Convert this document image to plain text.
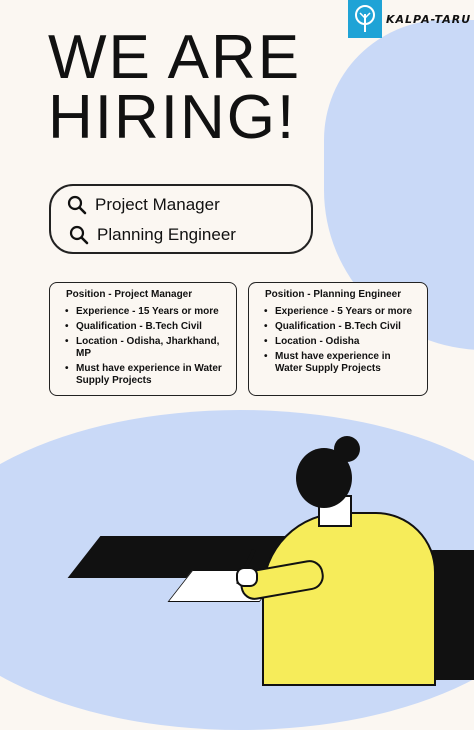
KALPA-TARU
WE ARE
HIRING!
Project Manager
Planning Engineer
Position - Project Manager
• Experience - 15 Years or more
• Qualification - B.Tech Civil
• Location - Odisha, Jharkhand, MP
• Must have experience in Water Supply Projects
Position - Planning Engineer
• Experience - 5 Years or more
• Qualification - B.Tech Civil
• Location - Odisha
• Must have experience in Water Supply Projects
